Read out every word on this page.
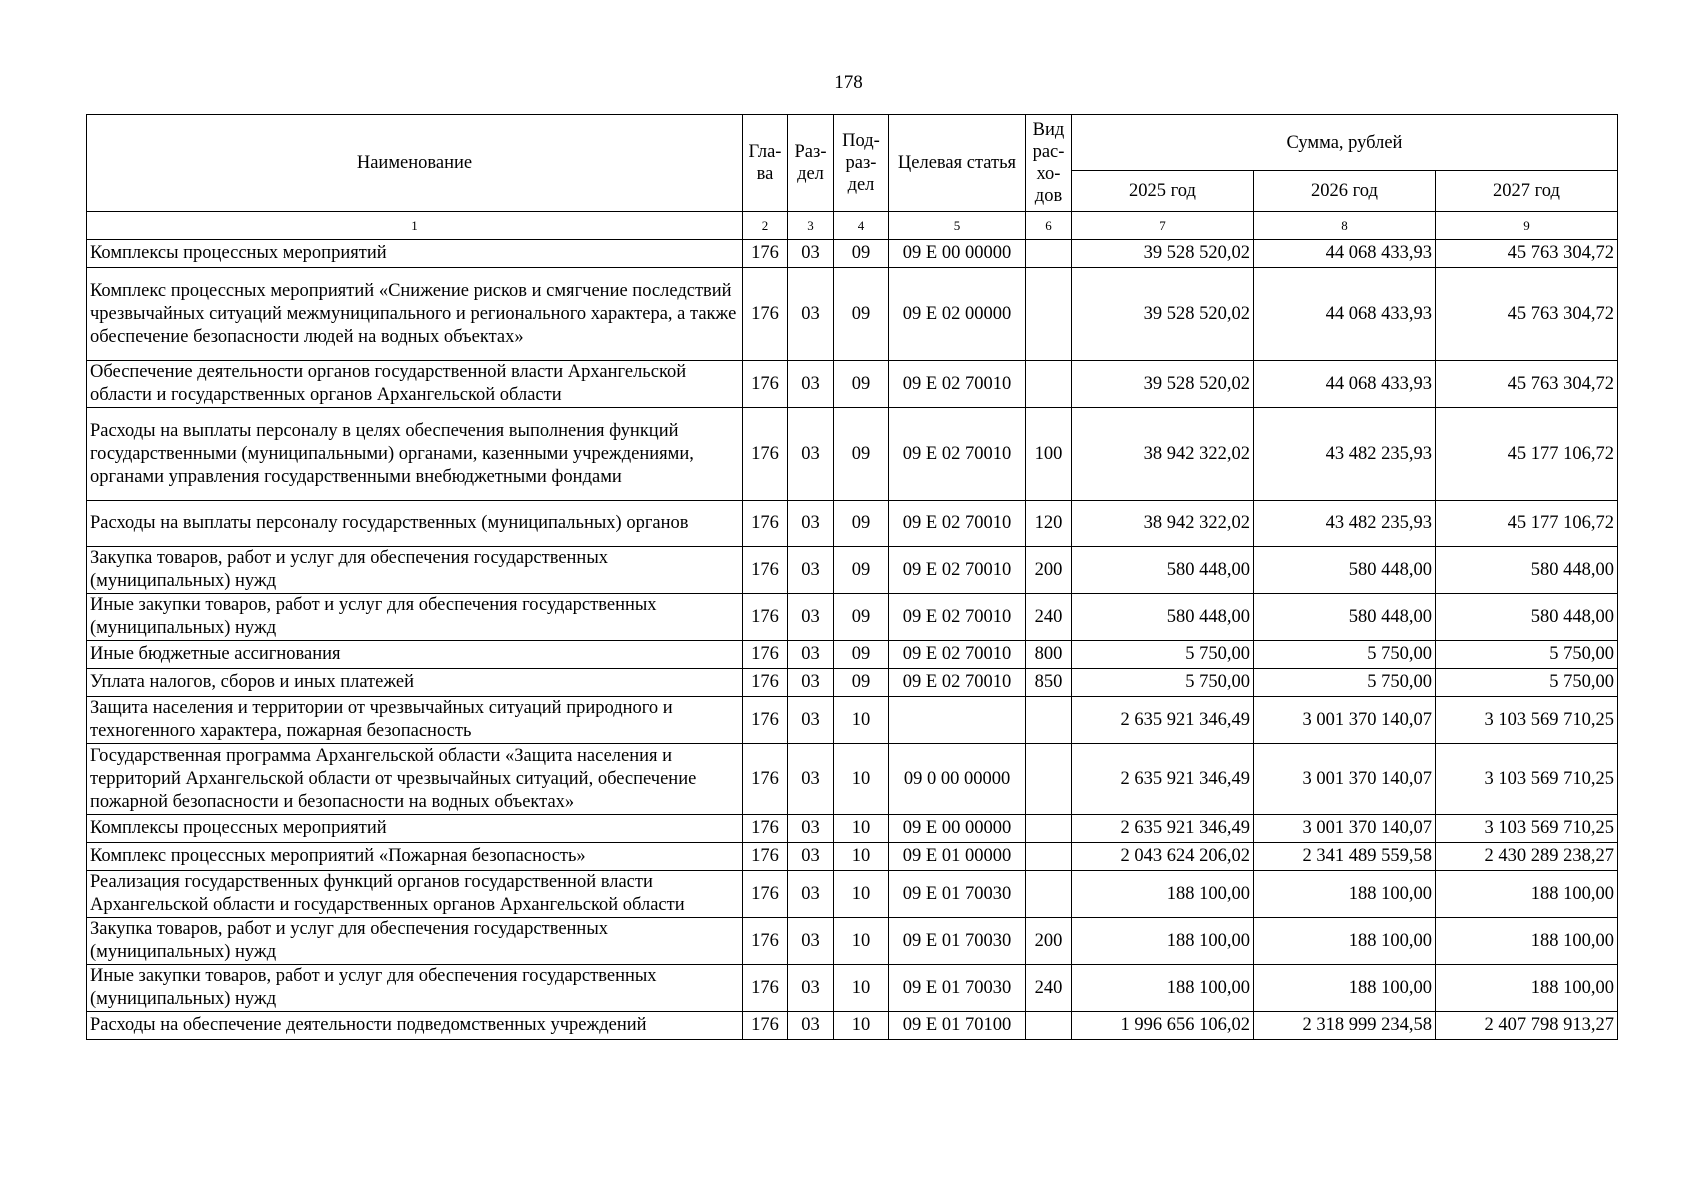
178
Наименование	Гла-ва	Раз-дел	Под-раз-дел	Целевая статья	Вид рас-хо-дов	Сумма, рублей		
						2025 год	2026 год	2027 год
1	2	3	4	5	6	7	8	9
Комплексы процессных мероприятий	176	03	09	09 Е 00 00000		39 528 520,02	44 068 433,93	45 763 304,72
Комплекс процессных мероприятий «Снижение рисков и смягчение последствий чрезвычайных ситуаций межмуниципального и регионального характера, а также обеспечение безопасности людей на водных объектах»	176	03	09	09 Е 02 00000		39 528 520,02	44 068 433,93	45 763 304,72
Обеспечение деятельности органов государственной власти Архангельской области и государственных органов Архангельской области	176	03	09	09 Е 02 70010		39 528 520,02	44 068 433,93	45 763 304,72
Расходы на выплаты персоналу в целях обеспечения выполнения функций государственными (муниципальными) органами, казенными учреждениями, органами управления государственными внебюджетными фондами	176	03	09	09 Е 02 70010	100	38 942 322,02	43 482 235,93	45 177 106,72
Расходы на выплаты персоналу государственных (муниципальных) органов	176	03	09	09 Е 02 70010	120	38 942 322,02	43 482 235,93	45 177 106,72
Закупка товаров, работ и услуг для обеспечения государственных (муниципальных) нужд	176	03	09	09 Е 02 70010	200	580 448,00	580 448,00	580 448,00
Иные закупки товаров, работ и услуг для обеспечения государственных (муниципальных) нужд	176	03	09	09 Е 02 70010	240	580 448,00	580 448,00	580 448,00
Иные бюджетные ассигнования	176	03	09	09 Е 02 70010	800	5 750,00	5 750,00	5 750,00
Уплата налогов, сборов и иных платежей	176	03	09	09 Е 02 70010	850	5 750,00	5 750,00	5 750,00
Защита населения и территории от чрезвычайных ситуаций природного и техногенного характера, пожарная безопасность	176	03	10			2 635 921 346,49	3 001 370 140,07	3 103 569 710,25
Государственная программа Архангельской области «Защита населения и территорий Архангельской области от чрезвычайных ситуаций, обеспечение пожарной безопасности и безопасности на водных объектах»	176	03	10	09 0 00 00000		2 635 921 346,49	3 001 370 140,07	3 103 569 710,25
Комплексы процессных мероприятий	176	03	10	09 Е 00 00000		2 635 921 346,49	3 001 370 140,07	3 103 569 710,25
Комплекс процессных мероприятий «Пожарная безопасность»	176	03	10	09 Е 01 00000		2 043 624 206,02	2 341 489 559,58	2 430 289 238,27
Реализация государственных функций органов государственной власти Архангельской области и государственных органов Архангельской области	176	03	10	09 Е 01 70030		188 100,00	188 100,00	188 100,00
Закупка товаров, работ и услуг для обеспечения государственных (муниципальных) нужд	176	03	10	09 Е 01 70030	200	188 100,00	188 100,00	188 100,00
Иные закупки товаров, работ и услуг для обеспечения государственных (муниципальных) нужд	176	03	10	09 Е 01 70030	240	188 100,00	188 100,00	188 100,00
Расходы на обеспечение деятельности подведомственных учреждений	176	03	10	09 Е 01 70100		1 996 656 106,02	2 318 999 234,58	2 407 798 913,27
